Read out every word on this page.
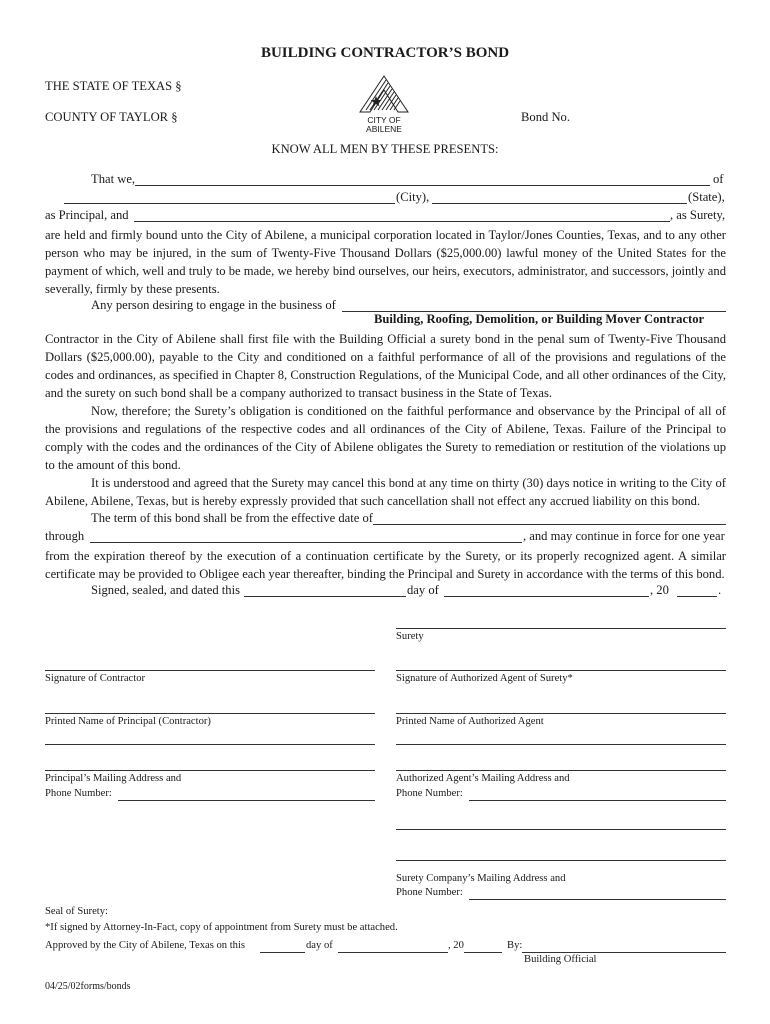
BUILDING CONTRACTOR’S BOND
THE STATE OF TEXAS §
COUNTY OF TAYLOR §	Bond No.
CITY OF
ABILENE
KNOW ALL MEN BY THESE PRESENTS:
That we,	of
(City),	(State),
as Principal, and	, as Surety,
are held and firmly bound unto the City of Abilene, a municipal corporation located in Taylor/Jones Counties, Texas, and to any other person who may be injured, in the sum of Twenty-Five Thousand Dollars ($25,000.00) lawful money of the United States for the payment of which, well and truly to be made, we hereby bind ourselves, our heirs, executors, administrator, and successors, jointly and severally, firmly by these presents.
Any person desiring to engage in the business of
Building, Roofing, Demolition, or Building Mover Contractor
Contractor in the City of Abilene shall first file with the Building Official a surety bond in the penal sum of Twenty-Five Thousand Dollars ($25,000.00), payable to the City and conditioned on a faithful performance of all of the provisions and regulations of the codes and ordinances, as specified in Chapter 8, Construction Regulations, of the Municipal Code, and all other ordinances of the City, and the surety on such bond shall be a company authorized to transact business in the State of Texas.
Now, therefore; the Surety’s obligation is conditioned on the faithful performance and observance by the Principal of all of the provisions and regulations of the respective codes and all ordinances of the City of Abilene, Texas. Failure of the Principal to comply with the codes and the ordinances of the City of Abilene obligates the Surety to remediation or restitution of the violations up to the amount of this bond.
It is understood and agreed that the Surety may cancel this bond at any time on thirty (30) days notice in writing to the City of Abilene, Abilene, Texas, but is hereby expressly provided that such cancellation shall not effect any accrued liability on this bond.
The term of this bond shall be from the effective date of
through	, and may continue in force for one year
from the expiration thereof by the execution of a continuation certificate by the Surety, or its properly recognized agent. A similar certificate may be provided to Obligee each year thereafter, binding the Principal and Surety in accordance with the terms of this bond.
Signed, sealed, and dated this	day of	, 20	.
Surety
Signature of Contractor	Signature of Authorized Agent of Surety*
Printed Name of Principal (Contractor)	Printed Name of Authorized Agent
Principal’s Mailing Address and
Phone Number:
Authorized Agent’s Mailing Address and
Phone Number:
Surety Company’s Mailing Address and
Phone Number:
Seal of Surety:
*If signed by Attorney-In-Fact, copy of appointment from Surety must be attached.
Approved by the City of Abilene, Texas on this	day of	, 20	By:
Building Official
04/25/02forms/bonds
